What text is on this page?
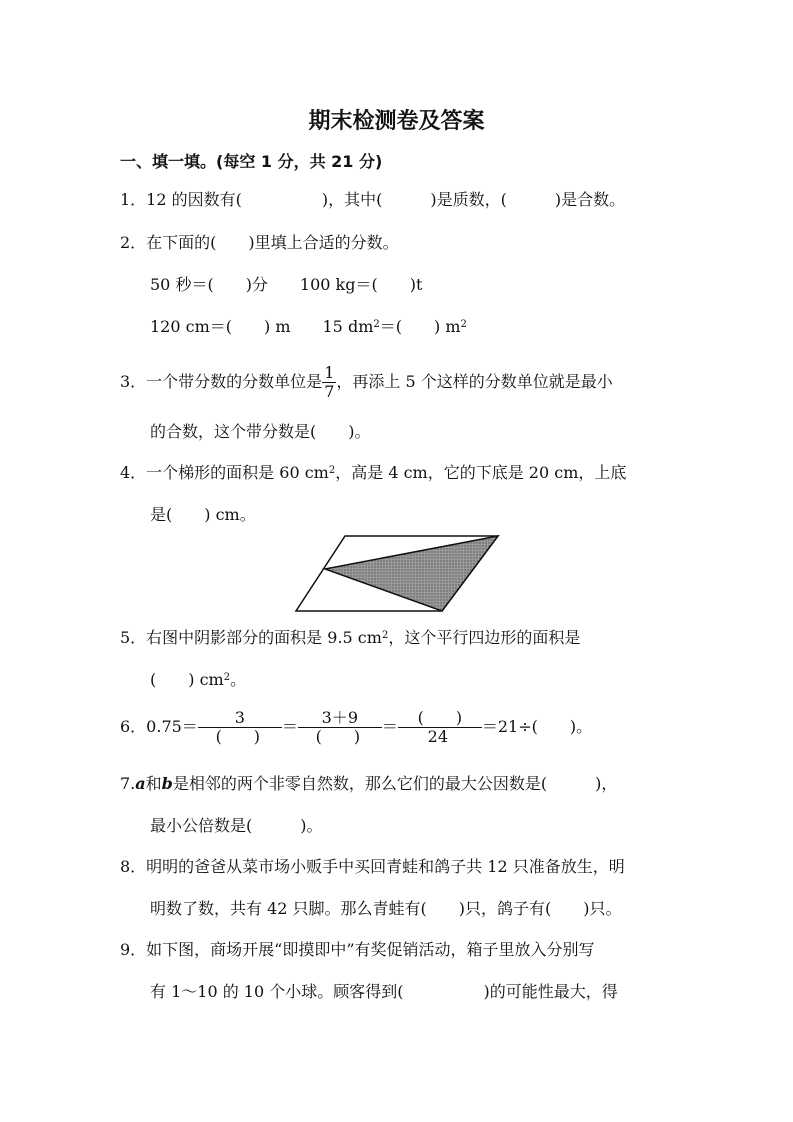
期末检测卷及答案
一、填一填。(每空 1 分，共 21 分)
1．12 的因数有(　　　　　)，其中(　　　)是质数，(　　　)是合数。
2．在下面的(　　)里填上合适的分数。
50 秒＝(　　)分　　100 kg＝(　　)t
120 cm＝(　　) m　　15 $dm^2=$(　　) $m^2$
3．一个带分数的分数单位是 $\frac{1}{7}$ ，再添上 5 个这样的分数单位就是最小
的合数，这个带分数是(　　)。
4．一个梯形的面积是 60 $cm^2$，高是 4 cm，它的下底是 20 cm，上底
是(　　) cm。
5．右图中阴影部分的面积是 9.5 $cm^2$，这个平行四边形的面积是
(　　) $cm^2$。
6．$0.75= \frac{3}{( )} = \frac{3+9}{( )} = \frac{( )}{24} =21\div$(　　)。
7.a和b是相邻的两个非零自然数，那么它们的最大公因数是(　　　)，
最小公倍数是(　　　)。
8．明明的爸爸从菜市场小贩手中买回青蛙和鸽子共 12 只准备放生，明
明数了数，共有 42 只脚。那么青蛙有(　　)只，鸽子有(　　)只。
9．如下图，商场开展“即摸即中”有奖促销活动，箱子里放入分别写
有 1～10 的 10 个小球。顾客得到(　　　　　)的可能性最大，得
